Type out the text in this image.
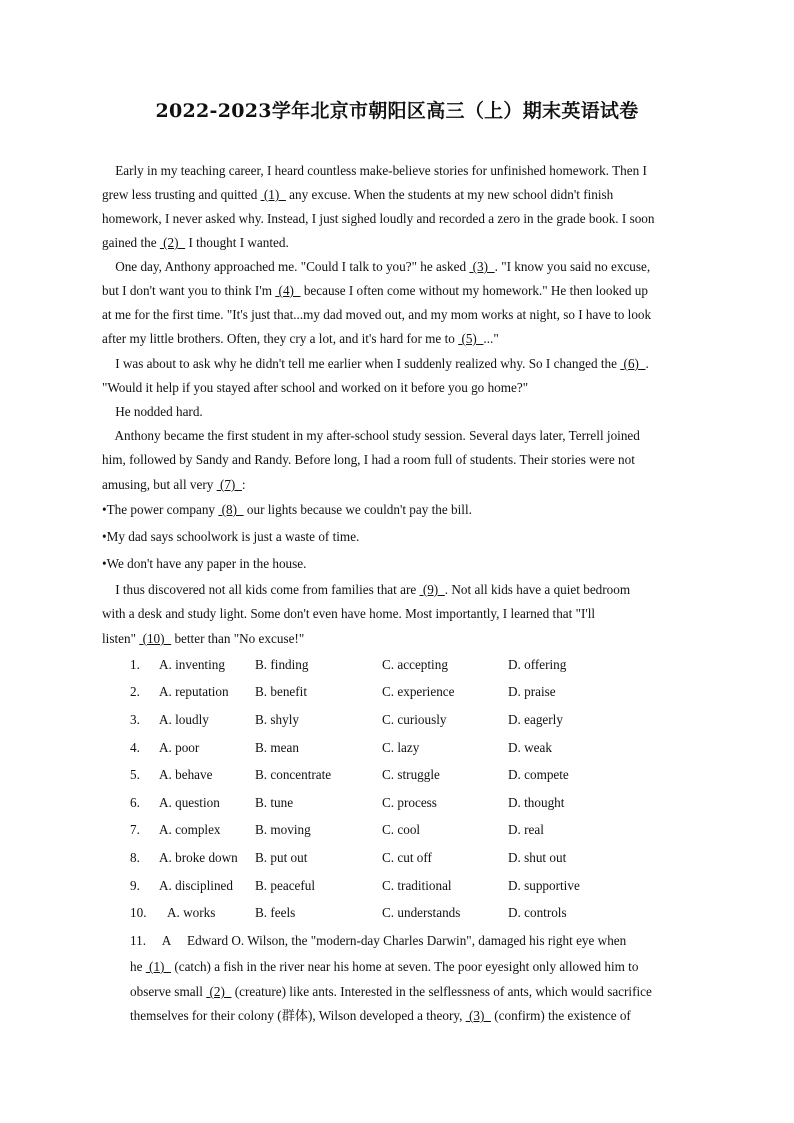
2022-2023学年北京市朝阳区高三（上）期末英语试卷
Early in my teaching career, I heard countless make-believe stories for unfinished homework. Then I
grew less trusting and quitted  (1)   any excuse. When the students at my new school didn't finish
homework, I never asked why. Instead, I just sighed loudly and recorded a zero in the grade book. I soon
gained the  (2)   I thought I wanted.
One day, Anthony approached me. "Could I talk to you?" he asked  (3)  . "I know you said no excuse,
but I don't want you to think I'm  (4)   because I often come without my homework." He then looked up
at me for the first time. "It's just that...my dad moved out, and my mom works at night, so I have to look
after my little brothers. Often, they cry a lot, and it's hard for me to  (5)  ..."
I was about to ask why he didn't tell me earlier when I suddenly realized why. So I changed the  (6)  .
"Would it help if you stayed after school and worked on it before you go home?"
He nodded hard.
Anthony became the first student in my after-school study session. Several days later, Terrell joined
him, followed by Sandy and Randy. Before long, I had a room full of students. Their stories were not
amusing, but all very  (7)  :
•The power company  (8)   our lights because we couldn't pay the bill.
•My dad says schoolwork is just a waste of time.
•We don't have any paper in the house.
I thus discovered not all kids come from families that are  (9)  . Not all kids have a quiet bedroom
with a desk and study light. Some don't even have home. Most importantly, I learned that "I'll
listen"  (10)   better than "No excuse!"
1. A. inventing B. finding	C. accepting	D. offering
2. A. reputation B. benefit	C. experience	D. praise
3. A. loudly	B. shyly	C. curiously	D. eagerly
4. A. poor	B. mean	C. lazy	D. weak
5. A. behave	B. concentrate	C. struggle	D. compete
6. A. question	B. tune	C. process	D. thought
7. A. complex	B. moving	C. cool	D. real
8. A. broke down B. put out	C. cut off	D. shut out
9. A. disciplined B. peaceful	C. traditional	D. supportive
10. A. works	B. feels	C. understands	D. controls
11.     A     Edward O. Wilson, the "modern-day Charles Darwin", damaged his right eye when
he  (1)   (catch) a fish in the river near his home at seven. The poor eyesight only allowed him to
observe small  (2)   (creature) like ants. Interested in the selflessness of ants, which would sacrifice
themselves for their colony (群体), Wilson developed a theory,  (3)   (confirm) the existence of
